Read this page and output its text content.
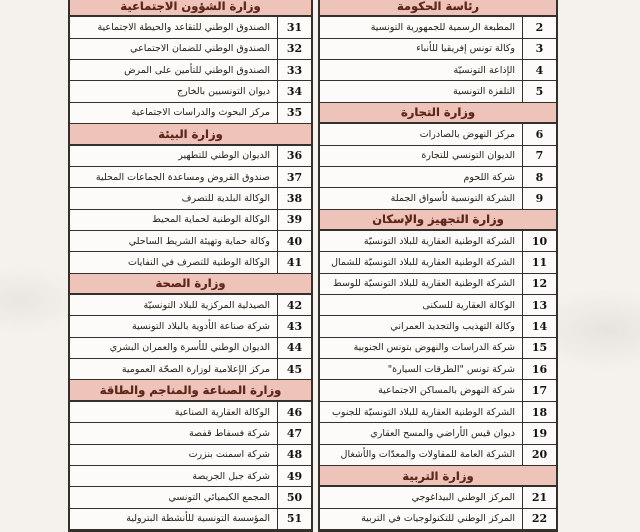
رئاسة الحكومة
2
المطبعة الرسمية للجمهورية التونسية
3
وكالة تونس إفريقيا للأنباء
4
الإذاعة التونسيّة
5
التلفزة التونسية
وزارة التجارة
6
مركز النهوض بالصادرات
7
الديوان التونسي للتجارة
8
شركة اللحوم
9
الشركة التونسية لأسواق الجملة
وزارة التجهيز والإسكان
10
الشركة الوطنية العقارية للبلاد التونسيّة
11
الشركة الوطنية العقارية للبلاد التونسيّة للشمال
12
الشركة الوطنية العقارية للبلاد التونسيّة للوسط
13
الوكالة العقارية للسكنى
14
وكالة التهذيب والتجديد العمراني
15
شركة الدراسات والنهوض بتونس الجنوبية
16
شركة تونس "الطرقات السيارة"
17
شركة النهوض بالمساكن الاجتماعية
18
الشركة الوطنية العقارية للبلاد التونسيّة للجنوب
19
ديوان قيس الأراضي والمسح العقاري
20
الشركة العامة للمقاولات والمعدّات والأشغال
وزارة التربية
21
المركز الوطني البيداغوجي
22
المركز الوطني للتكنولوجيات في التربية
وزارة الشؤون الاجتماعية
31
الصندوق الوطني للتقاعد والحيطة الاجتماعية
32
الصندوق الوطني للضمان الاجتماعي
33
الصندوق الوطني للتأمين على المرض
34
ديوان التونسيين بالخارج
35
مركز البحوث والدراسات الاجتماعية
وزارة البيئة
36
الديوان الوطني للتطهير
37
صندوق القروض ومساعدة الجماعات المحلية
38
الوكالة البلدية للتصرف
39
الوكالة الوطنية لحماية المحيط
40
وكالة حماية وتهيئة الشريط الساحلي
41
الوكالة الوطنية للتصرف في النفايات
وزارة الصحة
42
الصيدلية المركزية للبلاد التونسيّة
43
شركة صناعة الأدوية بالبلاد التونسية
44
الديوان الوطني للأسرة والعمران البشري
45
مركز الإعلامية لوزارة الصحّة العمومية
وزارة الصناعة والمناجم والطاقة
46
الوكالة العقارية الصناعية
47
شركة فسفاط قفصة
48
شركة اسمنت بنزرت
49
شركة جبل الجريصة
50
المجمع الكيميائي التونسي
51
المؤسسة التونسية للأنشطة البترولية
